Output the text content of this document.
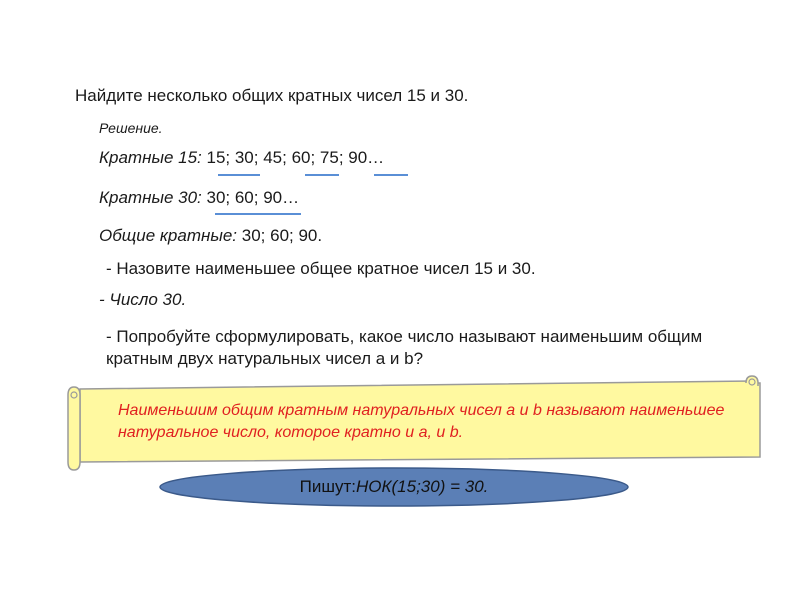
Найдите несколько общих кратных чисел 15 и 30.
Решение.
Кратные 15: 15; 30; 45; 60; 75; 90…
Кратные 30: 30; 60; 90…
Общие кратные: 30; 60; 90.
- Назовите наименьшее общее кратное чисел 15 и 30.
- Число 30.
- Попробуйте сформулировать, какое число называют наименьшим общим кратным двух натуральных чисел a и b?
Наименьшим общим кратным натуральных чисел a и b называют наименьшее натуральное число, которое кратно и a, и b.
Пишут:НОК(15;30) = 30.
